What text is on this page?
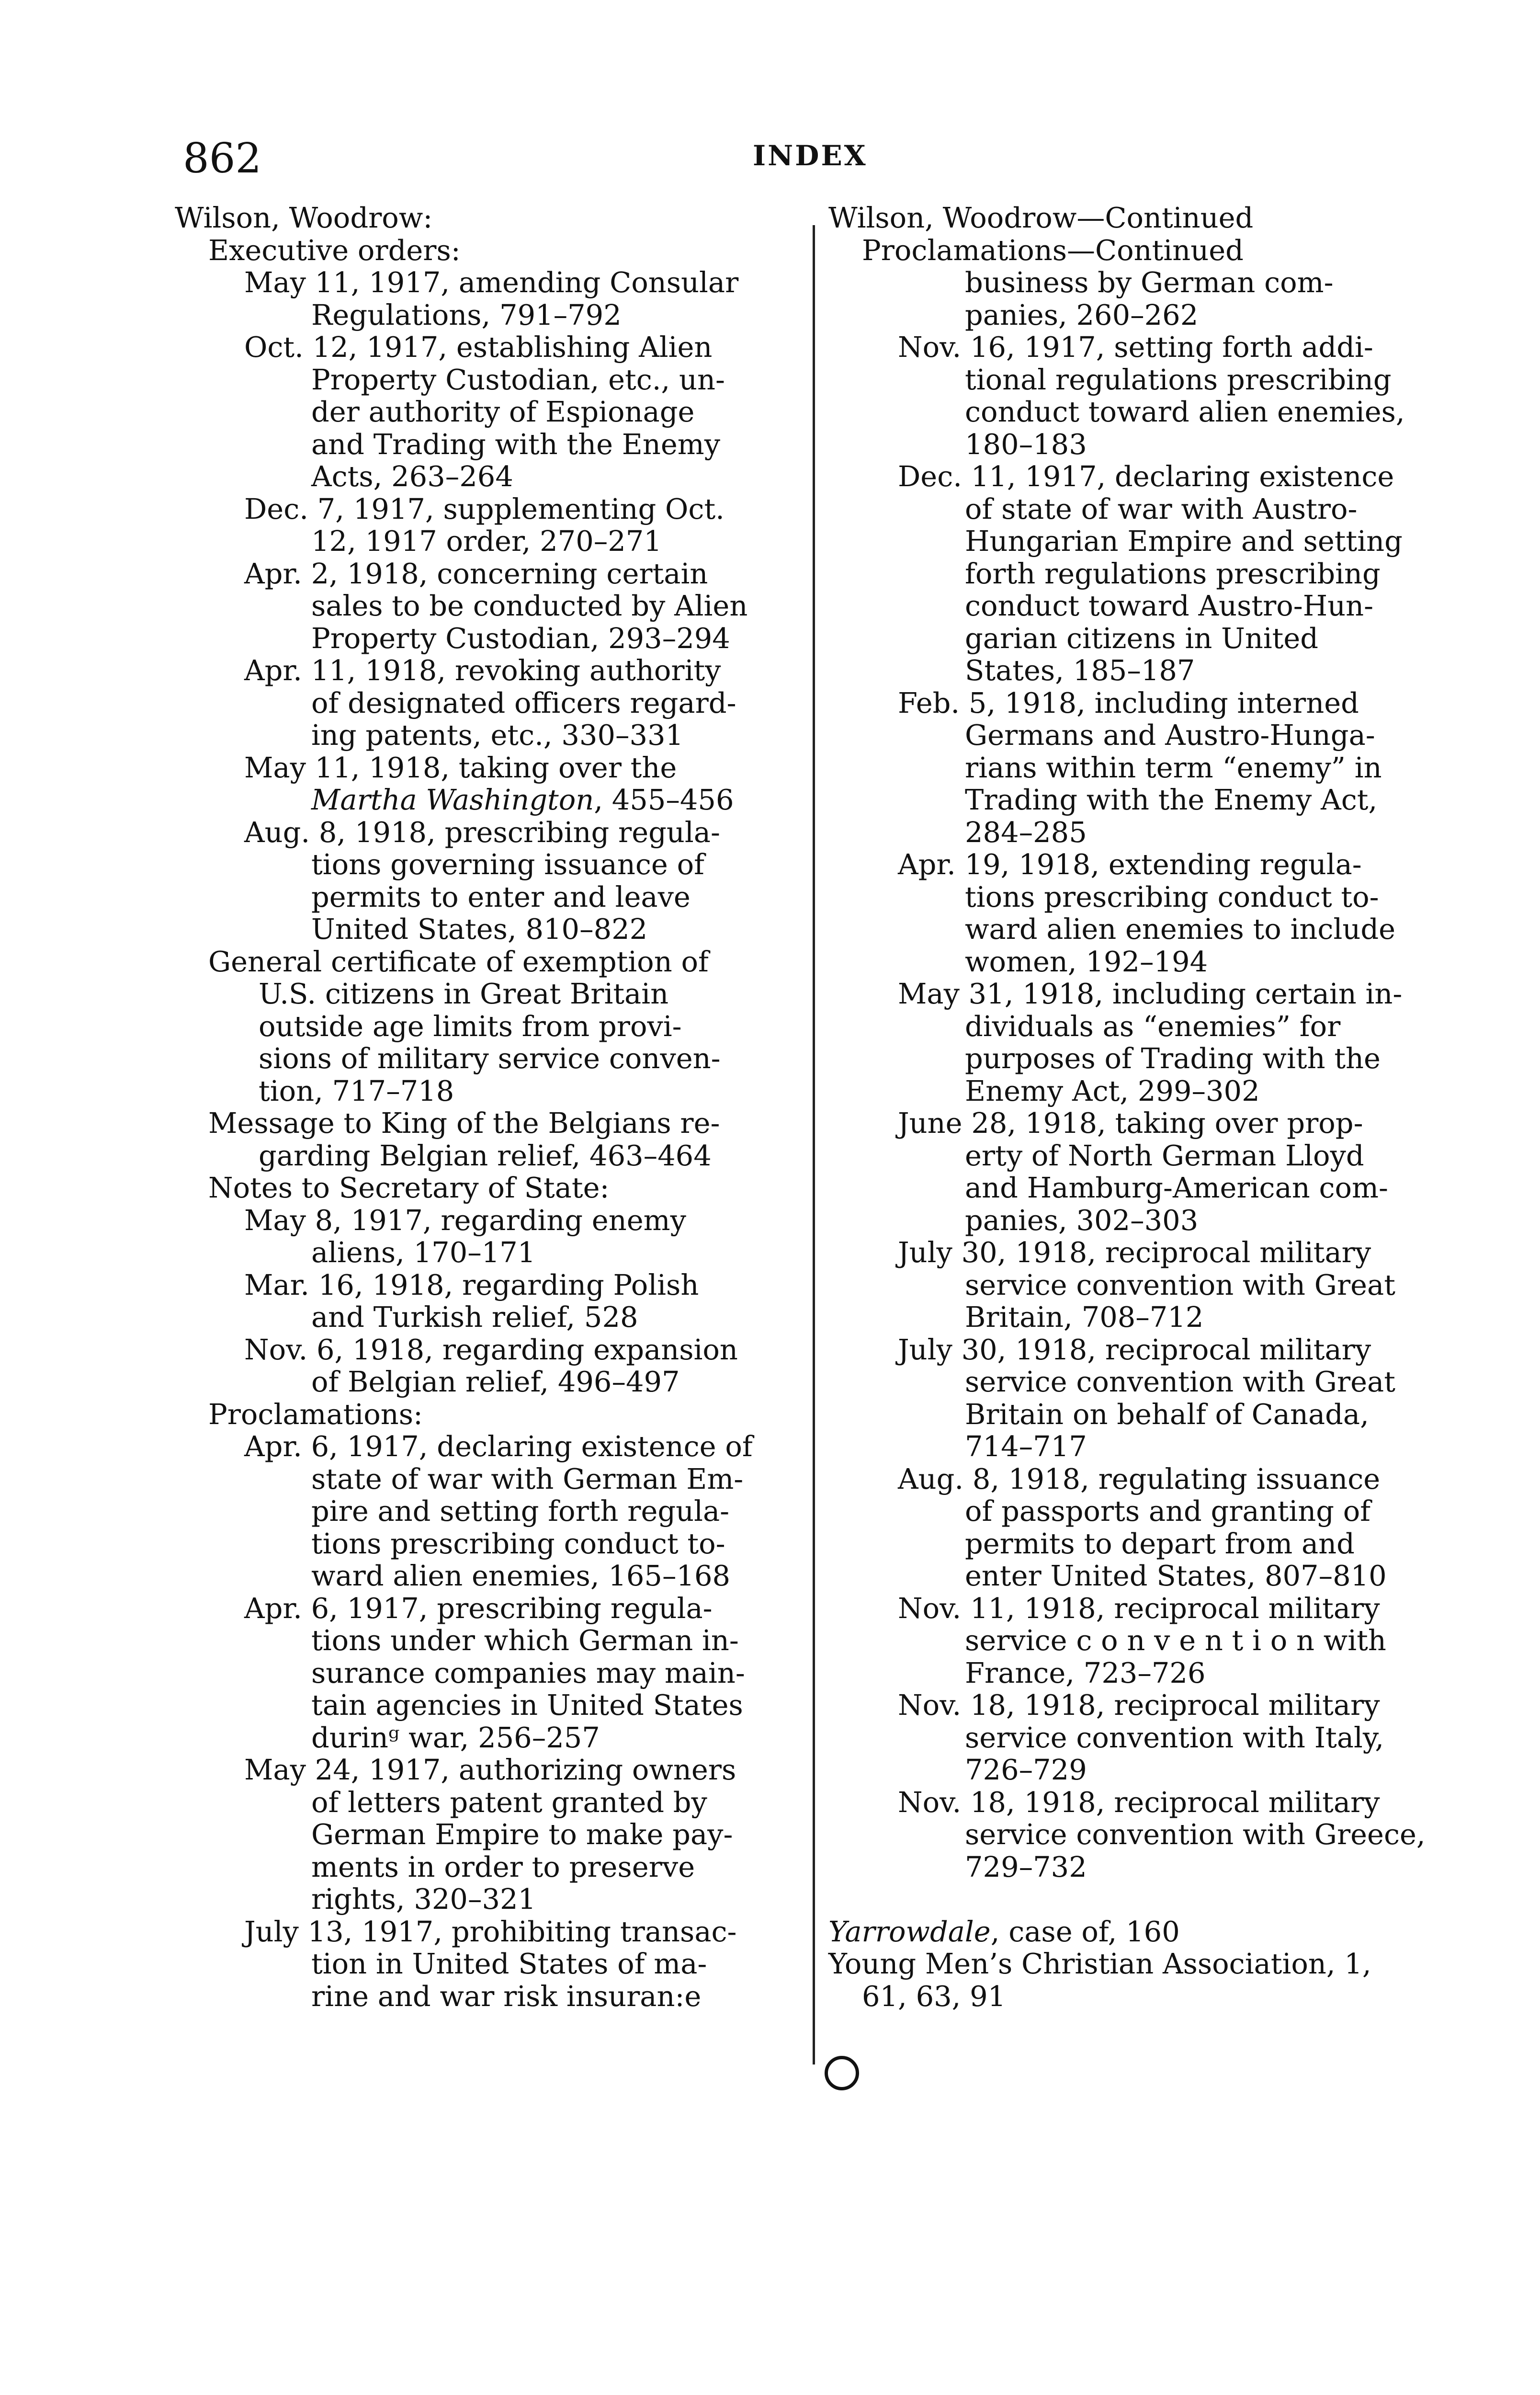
862	INDEX
Wilson, Woodrow:
Executive orders:
May 11, 1917, amending Consular
Regulations, 791–792
Oct. 12, 1917, establishing Alien
Property Custodian, etc., un-
der authority of Espionage
and Trading with the Enemy
Acts, 263–264
Dec. 7, 1917, supplementing Oct.
12, 1917 order, 270–271
Apr. 2, 1918, concerning certain
sales to be conducted by Alien
Property Custodian, 293–294
Apr. 11, 1918, revoking authority
of designated officers regard-
ing patents, etc., 330–331
May 11, 1918, taking over the
Martha Washington, 455–456
Aug. 8, 1918, prescribing regula-
tions governing issuance of
permits to enter and leave
United States, 810–822
General certificate of exemption of
U.S. citizens in Great Britain
outside age limits from provi-
sions of military service conven-
tion, 717–718
Message to King of the Belgians re-
garding Belgian relief, 463–464
Notes to Secretary of State:
May 8, 1917, regarding enemy
aliens, 170–171
Mar. 16, 1918, regarding Polish
and Turkish relief, 528
Nov. 6, 1918, regarding expansion
of Belgian relief, 496–497
Proclamations:
Apr. 6, 1917, declaring existence of
state of war with German Em-
pire and setting forth regula-
tions prescribing conduct to-
ward alien enemies, 165–168
Apr. 6, 1917, prescribing regula-
tions under which German in-
surance companies may main-
tain agencies in United States
durinᵍ war, 256–257
May 24, 1917, authorizing owners
of letters patent granted by
German Empire to make pay-
ments in order to preserve
rights, 320–321
July 13, 1917, prohibiting transac-
tion in United States of ma-
rine and war risk insuran:e
Wilson, Woodrow—Continued
Proclamations—Continued
business by German com-
panies, 260–262
Nov. 16, 1917, setting forth addi-
tional regulations prescribing
conduct toward alien enemies,
180–183
Dec. 11, 1917, declaring existence
of state of war with Austro-
Hungarian Empire and setting
forth regulations prescribing
conduct toward Austro-Hun-
garian citizens in United
States, 185–187
Feb. 5, 1918, including interned
Germans and Austro-Hunga-
rians within term “enemy” in
Trading with the Enemy Act,
284–285
Apr. 19, 1918, extending regula-
tions prescribing conduct to-
ward alien enemies to include
women, 192–194
May 31, 1918, including certain in-
dividuals as “enemies” for
purposes of Trading with the
Enemy Act, 299–302
June 28, 1918, taking over prop-
erty of North German Lloyd
and Hamburg-American com-
panies, 302–303
July 30, 1918, reciprocal military
service convention with Great
Britain, 708–712
July 30, 1918, reciprocal military
service convention with Great
Britain on behalf of Canada,
714–717
Aug. 8, 1918, regulating issuance
of passports and granting of
permits to depart from and
enter United States, 807–810
Nov. 11, 1918, reciprocal military
service c o n v e n t i o n with
France, 723–726
Nov. 18, 1918, reciprocal military
service convention with Italy,
726–729
Nov. 18, 1918, reciprocal military
service convention with Greece,
729–732
Yarrowdale, case of, 160
Young Men’s Christian Association, 1,
61, 63, 91
